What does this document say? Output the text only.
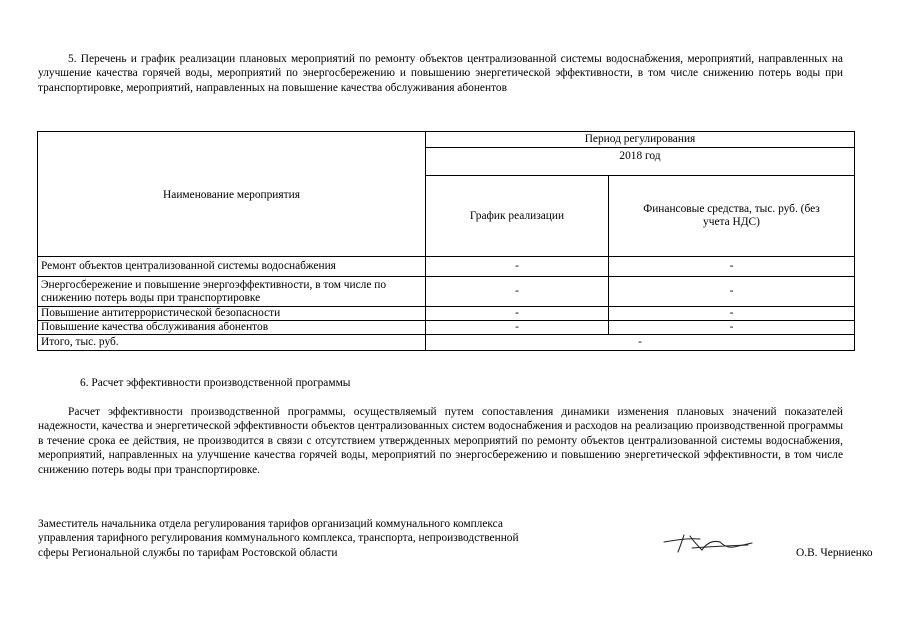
5. Перечень и график реализации плановых мероприятий по ремонту объектов централизованной системы водоснабжения, мероприятий, направленных на улучшение качества горячей воды, мероприятий по энергосбережению и повышению энергетической эффективности, в том числе снижению потерь воды при транспортировке, мероприятий, направленных на повышение качества обслуживания абонентов
Наименование мероприятия	Период регулирования	
	2018 год	
	График реализации	Финансовые средства, тыс. руб. (без учета НДС)
Ремонт объектов централизованной системы водоснабжения	-	-
Энергосбережение и повышение энергоэффективности, в том числе по снижению потерь воды при транспортировке	-	-
Повышение антитеррористической безопасности	-	-
Повышение качества обслуживания абонентов	-	-
Итого, тыс. руб.	-	
6. Расчет эффективности производственной программы
Расчет эффективности производственной программы, осуществляемый путем сопоставления динамики изменения плановых значений показателей надежности, качества и энергетической эффективности объектов централизованных систем водоснабжения и расходов на реализацию производственной программы в течение срока ее действия, не производится в связи с отсутствием утвержденных мероприятий по ремонту объектов централизованной системы водоснабжения, мероприятий, направленных на улучшение качества горячей воды, мероприятий по энергосбережению и повышению энергетической эффективности, в том числе снижению потерь воды при транспортировке.
Заместитель начальника отдела регулирования тарифов организаций коммунального комплекса
управления тарифного регулирования коммунального комплекса, транспорта, непроизводственной
сферы Региональной службы по тарифам Ростовской области	О.В. Черниенко
